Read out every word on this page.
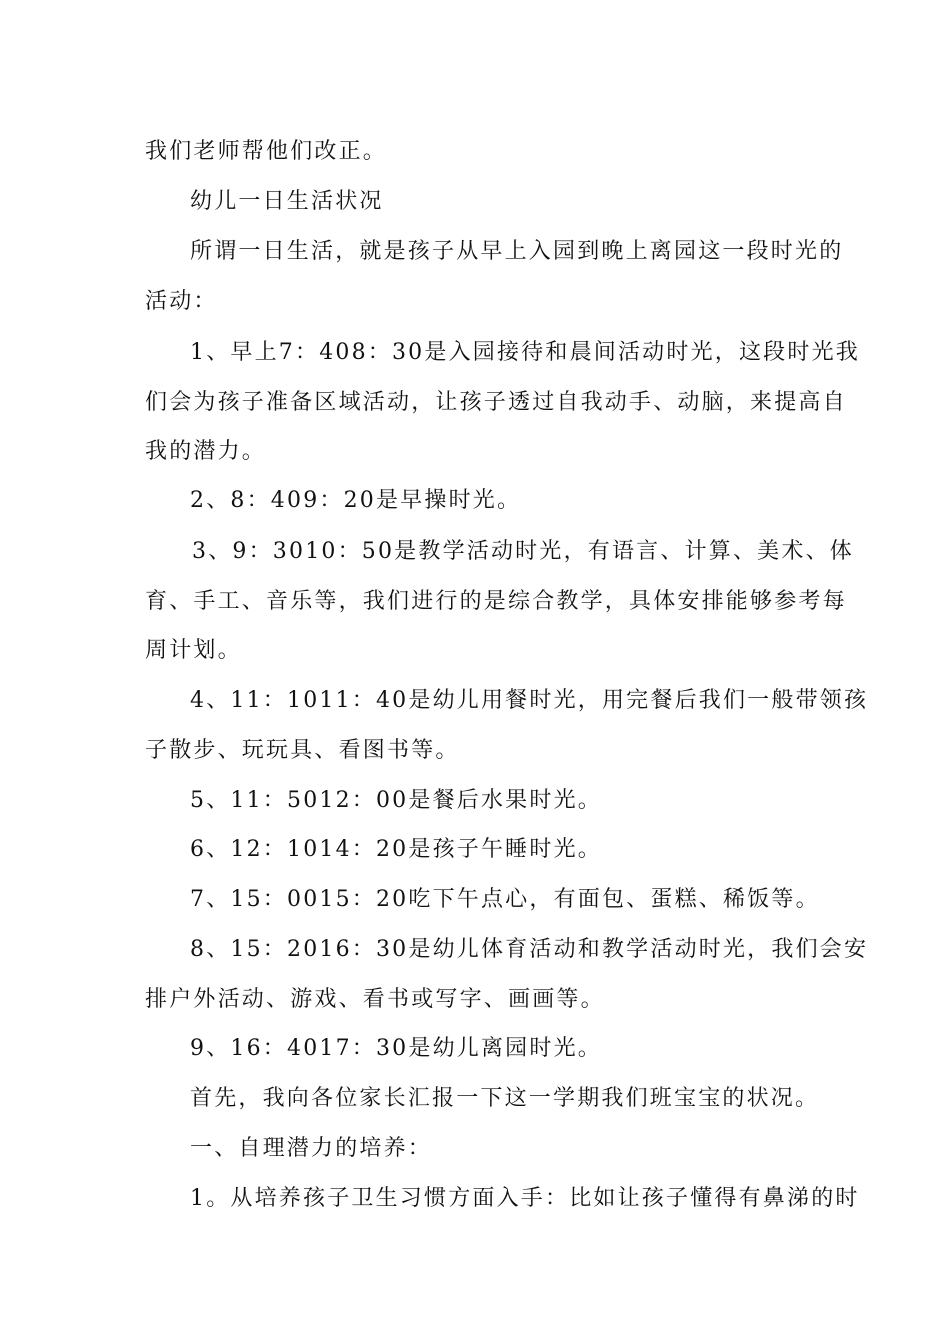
我们老师帮他们改正。

幼儿一日生活状况

所谓一日生活，就是孩子从早上入园到晚上离园这一段时光的

活动：

1、早上7：408：30是入园接待和晨间活动时光，这段时光我

们会为孩子准备区域活动，让孩子透过自我动手、动脑，来提高自

我的潜力。

2、8：409：20是早操时光。

3、9：3010：50是教学活动时光，有语言、计算、美术、体

育、手工、音乐等，我们进行的是综合教学，具体安排能够参考每

周计划。

4、11：1011：40是幼儿用餐时光，用完餐后我们一般带领孩

子散步、玩玩具、看图书等。

5、11：5012：00是餐后水果时光。

6、12：1014：20是孩子午睡时光。

7、15：0015：20吃下午点心，有面包、蛋糕、稀饭等。

8、15：2016：30是幼儿体育活动和教学活动时光，我们会安

排户外活动、游戏、看书或写字、画画等。

9、16：4017：30是幼儿离园时光。

首先，我向各位家长汇报一下这一学期我们班宝宝的状况。

一、自理潜力的培养：

1。从培养孩子卫生习惯方面入手：比如让孩子懂得有鼻涕的时
